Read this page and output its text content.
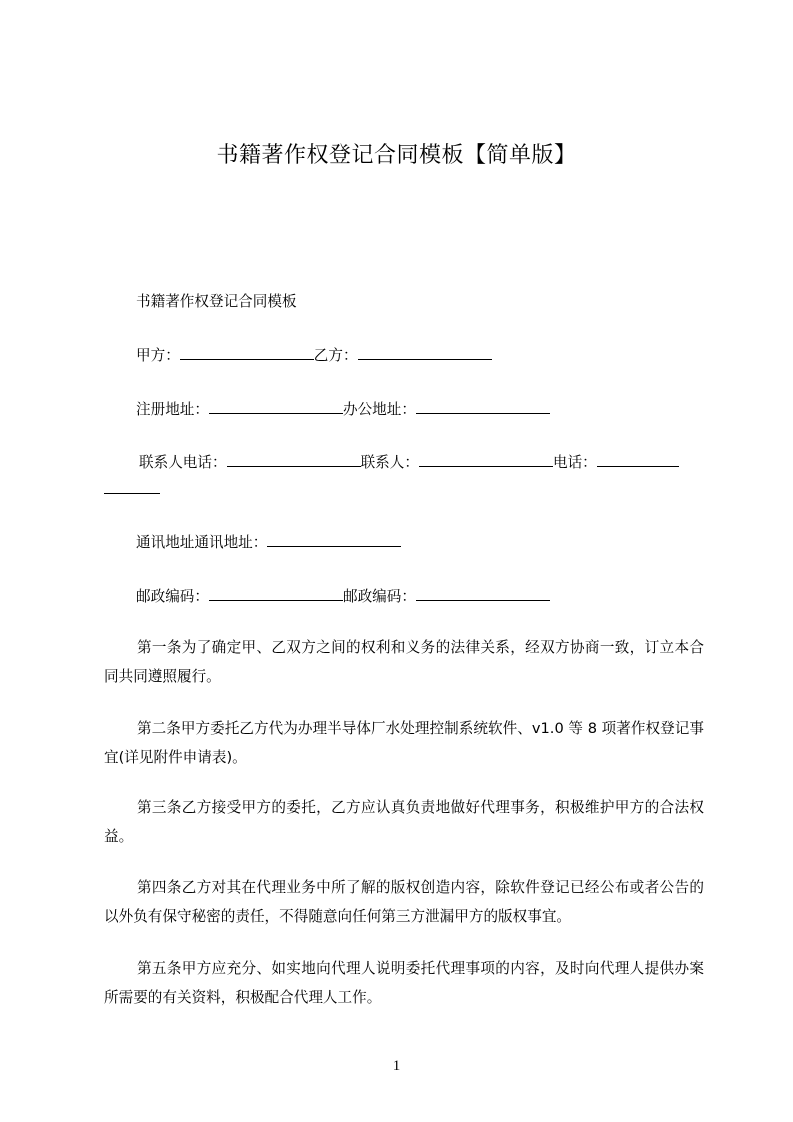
书籍著作权登记合同模板【简单版】

书籍著作权登记合同模板

甲方：	乙方：

注册地址：	办公地址：

联系人电话：	联系人：	电话：

通讯地址通讯地址：

邮政编码：	邮政编码：

第一条为了确定甲、乙双方之间的权利和义务的法律关系，经双方协商一致，订立本合同共同遵照履行。

第二条甲方委托乙方代为办理半导体厂水处理控制系统软件、v1.0 等 8 项著作权登记事宜(详见附件申请表)。

第三条乙方接受甲方的委托，乙方应认真负责地做好代理事务，积极维护甲方的合法权益。

第四条乙方对其在代理业务中所了解的版权创造内容，除软件登记已经公布或者公告的以外负有保守秘密的责任，不得随意向任何第三方泄漏甲方的版权事宜。

第五条甲方应充分、如实地向代理人说明委托代理事项的内容，及时向代理人提供办案所需要的有关资料，积极配合代理人工作。

1
